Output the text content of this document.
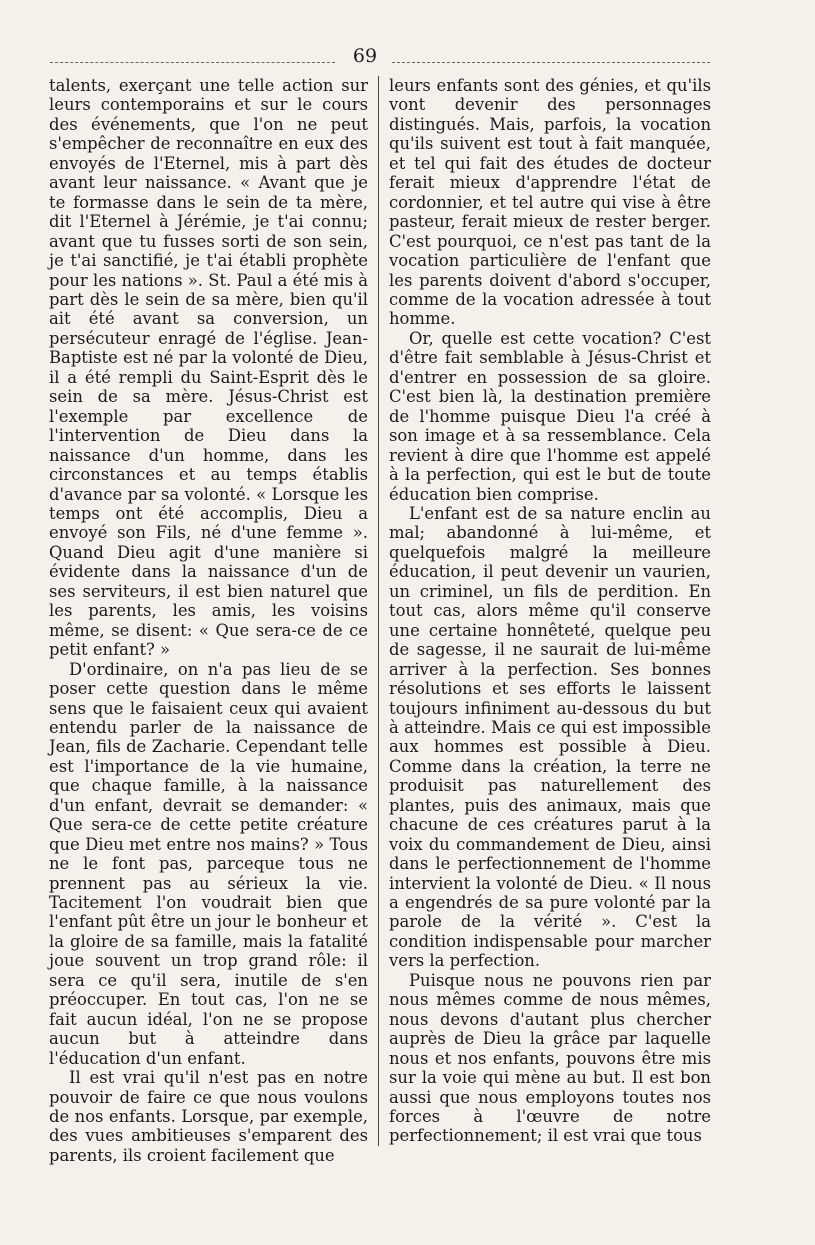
69

talents, exerçant une telle action sur leurs contemporains et sur le cours des événements, que l'on ne peut s'empêcher de reconnaître en eux des envoyés de l'Eternel, mis à part dès avant leur naissance. « Avant que je te formasse dans le sein de ta mère, dit l'Eternel à Jérémie, je t'ai connu; avant que tu fusses sorti de son sein, je t'ai sanctifié, je t'ai établi prophète pour les nations ». St. Paul a été mis à part dès le sein de sa mère, bien qu'il ait été avant sa conversion, un persécuteur enragé de l'église. Jean-Baptiste est né par la volonté de Dieu, il a été rempli du Saint-Esprit dès le sein de sa mère. Jésus-Christ est l'exemple par excellence de l'intervention de Dieu dans la naissance d'un homme, dans les circonstances et au temps établis d'avance par sa volonté. « Lorsque les temps ont été accomplis, Dieu a envoyé son Fils, né d'une femme ». Quand Dieu agit d'une manière si évidente dans la naissance d'un de ses serviteurs, il est bien naturel que les parents, les amis, les voisins même, se disent: « Que sera-ce de ce petit enfant? »

D'ordinaire, on n'a pas lieu de se poser cette question dans le même sens que le faisaient ceux qui avaient entendu parler de la naissance de Jean, fils de Zacharie. Cependant telle est l'importance de la vie humaine, que chaque famille, à la naissance d'un enfant, devrait se demander: « Que sera-ce de cette petite créature que Dieu met entre nos mains? » Tous ne le font pas, parceque tous ne prennent pas au sérieux la vie. Tacitement l'on voudrait bien que l'enfant pût être un jour le bonheur et la gloire de sa famille, mais la fatalité joue souvent un trop grand rôle: il sera ce qu'il sera, inutile de s'en préoccuper. En tout cas, l'on ne se fait aucun idéal, l'on ne se propose aucun but à atteindre dans l'éducation d'un enfant.

Il est vrai qu'il n'est pas en notre pouvoir de faire ce que nous voulons de nos enfants. Lorsque, par exemple, des vues ambitieuses s'emparent des parents, ils croient facilement que

leurs enfants sont des génies, et qu'ils vont devenir des personnages distingués. Mais, parfois, la vocation qu'ils suivent est tout à fait manquée, et tel qui fait des études de docteur ferait mieux d'apprendre l'état de cordonnier, et tel autre qui vise à être pasteur, ferait mieux de rester berger. C'est pourquoi, ce n'est pas tant de la vocation particulière de l'enfant que les parents doivent d'abord s'occuper, comme de la vocation adressée à tout homme.

Or, quelle est cette vocation? C'est d'être fait semblable à Jésus-Christ et d'entrer en possession de sa gloire. C'est bien là, la destination première de l'homme puisque Dieu l'a créé à son image et à sa ressemblance. Cela revient à dire que l'homme est appelé à la perfection, qui est le but de toute éducation bien comprise.

L'enfant est de sa nature enclin au mal; abandonné à lui-même, et quelquefois malgré la meilleure éducation, il peut devenir un vaurien, un criminel, un fils de perdition. En tout cas, alors même qu'il conserve une certaine honnêteté, quelque peu de sagesse, il ne saurait de lui-même arriver à la perfection. Ses bonnes résolutions et ses efforts le laissent toujours infiniment au-dessous du but à atteindre. Mais ce qui est impossible aux hommes est possible à Dieu. Comme dans la création, la terre ne produisit pas naturellement des plantes, puis des animaux, mais que chacune de ces créatures parut à la voix du commandement de Dieu, ainsi dans le perfectionnement de l'homme intervient la volonté de Dieu. « Il nous a engendrés de sa pure volonté par la parole de la vérité ». C'est la condition indispensable pour marcher vers la perfection.

Puisque nous ne pouvons rien par nous mêmes comme de nous mêmes, nous devons d'autant plus chercher auprès de Dieu la grâce par laquelle nous et nos enfants, pouvons être mis sur la voie qui mène au but. Il est bon aussi que nous employons toutes nos forces à l'œuvre de notre perfectionnement; il est vrai que tous
